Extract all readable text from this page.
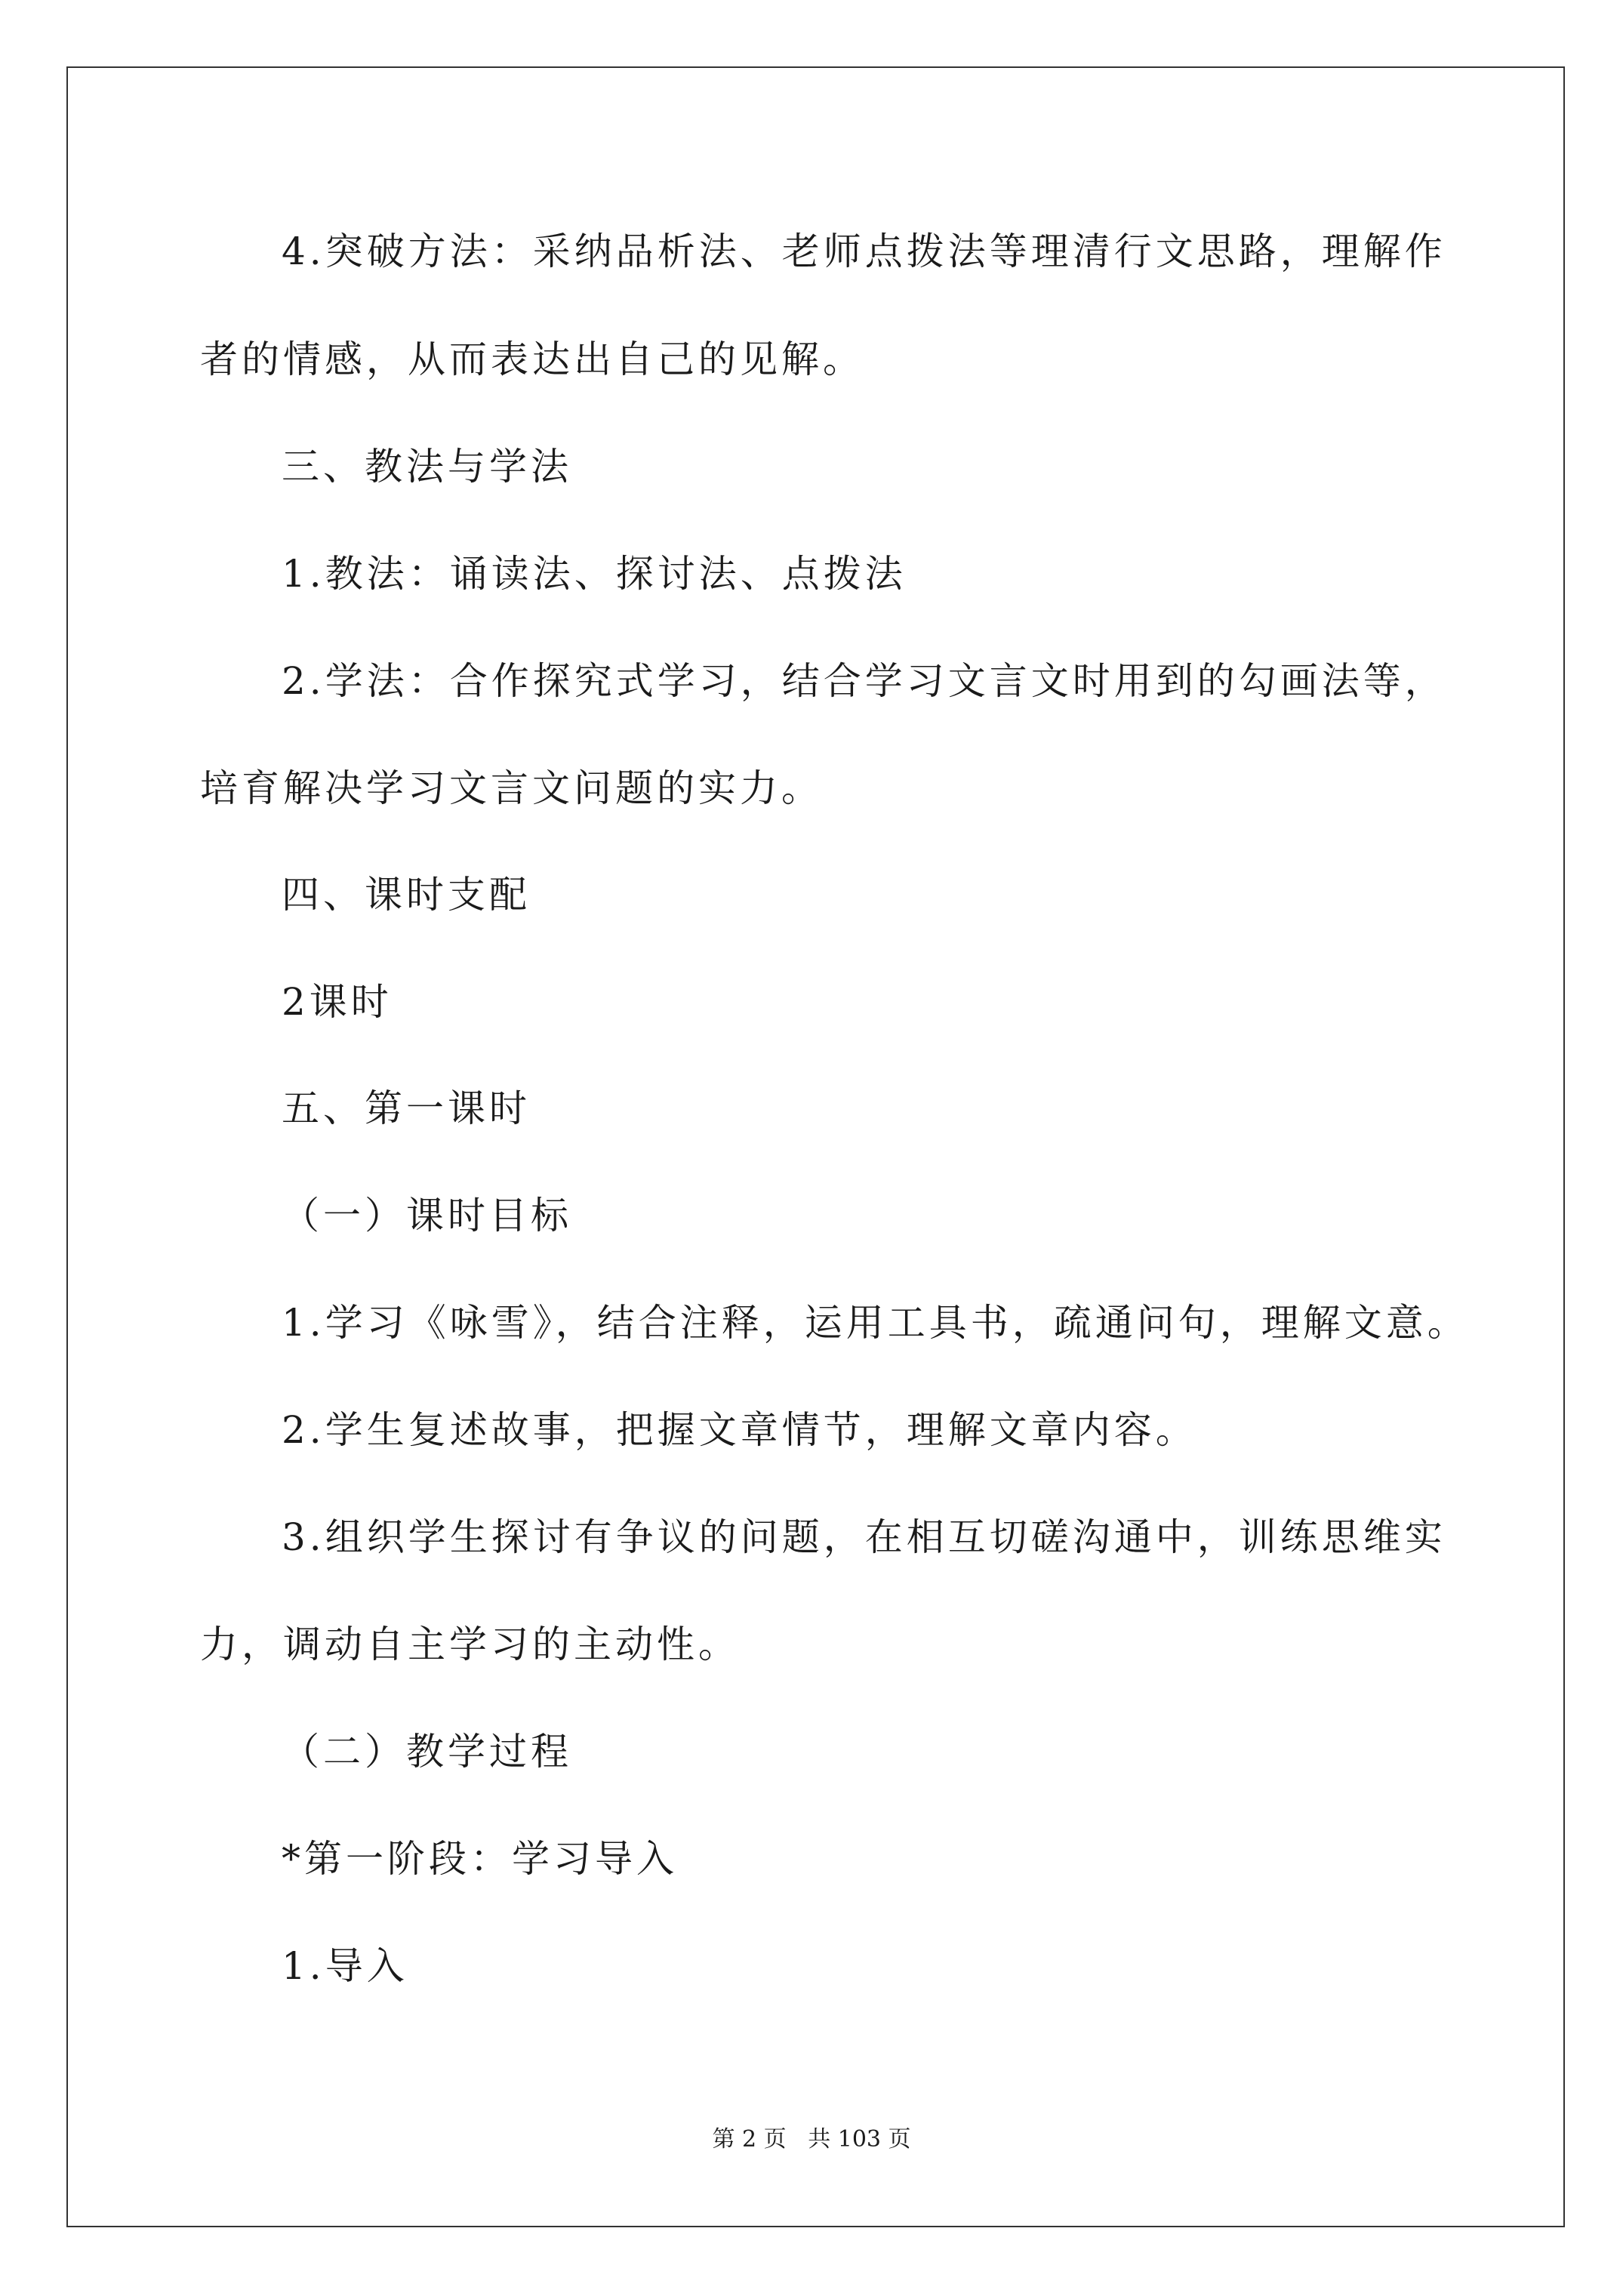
4.突破方法：采纳品析法、老师点拨法等理清行文思路，理解作
者的情感，从而表达出自己的见解。
三、教法与学法
1.教法：诵读法、探讨法、点拨法
2.学法：合作探究式学习，结合学习文言文时用到的勾画法等，
培育解决学习文言文问题的实力。
四、课时支配
2课时
五、第一课时
（一）课时目标
1.学习《咏雪》，结合注释，运用工具书，疏通问句，理解文意。
2.学生复述故事，把握文章情节，理解文章内容。
3.组织学生探讨有争议的问题，在相互切磋沟通中，训练思维实
力，调动自主学习的主动性。
（二）教学过程
*第一阶段：学习导入
1.导入
第 2 页   共 103 页
